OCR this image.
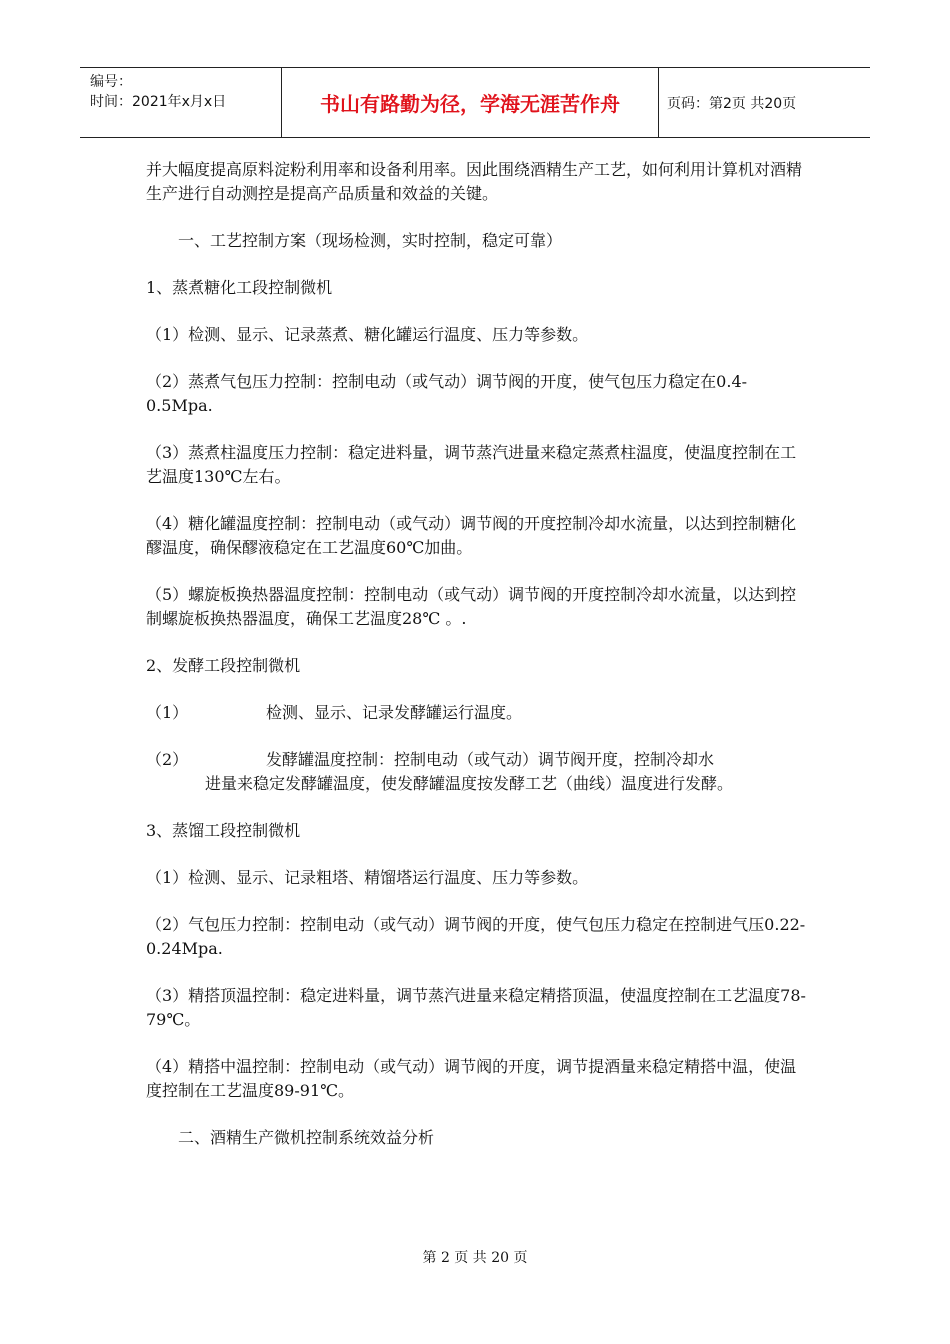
编号：
时间：2021年x月x日	书山有路勤为径，学海无涯苦作舟	页码：第2页 共20页

并大幅度提高原料淀粉利用率和设备利用率。因此围绕酒精生产工艺，如何利用计算机对酒精生产进行自动测控是提高产品质量和效益的关键。

一、工艺控制方案（现场检测，实时控制，稳定可靠）

1、蒸煮糖化工段控制微机

（1）检测、显示、记录蒸煮、糖化罐运行温度、压力等参数。

（2）蒸煮气包压力控制：控制电动（或气动）调节阀的开度，使气包压力稳定在0.4-0.5Mpa.

（3）蒸煮柱温度压力控制：稳定进料量，调节蒸汽进量来稳定蒸煮柱温度，使温度控制在工艺温度130℃左右。

（4）糖化罐温度控制：控制电动（或气动）调节阀的开度控制冷却水流量，以达到控制糖化醪温度，确保醪液稳定在工艺温度60℃加曲。

（5）螺旋板换热器温度控制：控制电动（或气动）调节阀的开度控制冷却水流量，以达到控制螺旋板换热器温度，确保工艺温度28℃ 。.

2、发酵工段控制微机

（1）	检测、显示、记录发酵罐运行温度。
（2）	发酵罐温度控制：控制电动（或气动）调节阀开度，控制冷却水
进量来稳定发酵罐温度，使发酵罐温度按发酵工艺（曲线）温度进行发酵。

3、蒸馏工段控制微机

（1）检测、显示、记录粗塔、精馏塔运行温度、压力等参数。

（2）气包压力控制：控制电动（或气动）调节阀的开度，使气包压力稳定在控制进气压0.22-0.24Mpa.

（3）精搭顶温控制：稳定进料量，调节蒸汽进量来稳定精搭顶温，使温度控制在工艺温度78-79℃。

（4）精搭中温控制：控制电动（或气动）调节阀的开度，调节提酒量来稳定精搭中温，使温度控制在工艺温度89-91℃。

二、酒精生产微机控制系统效益分析

第 2 页 共 20 页
